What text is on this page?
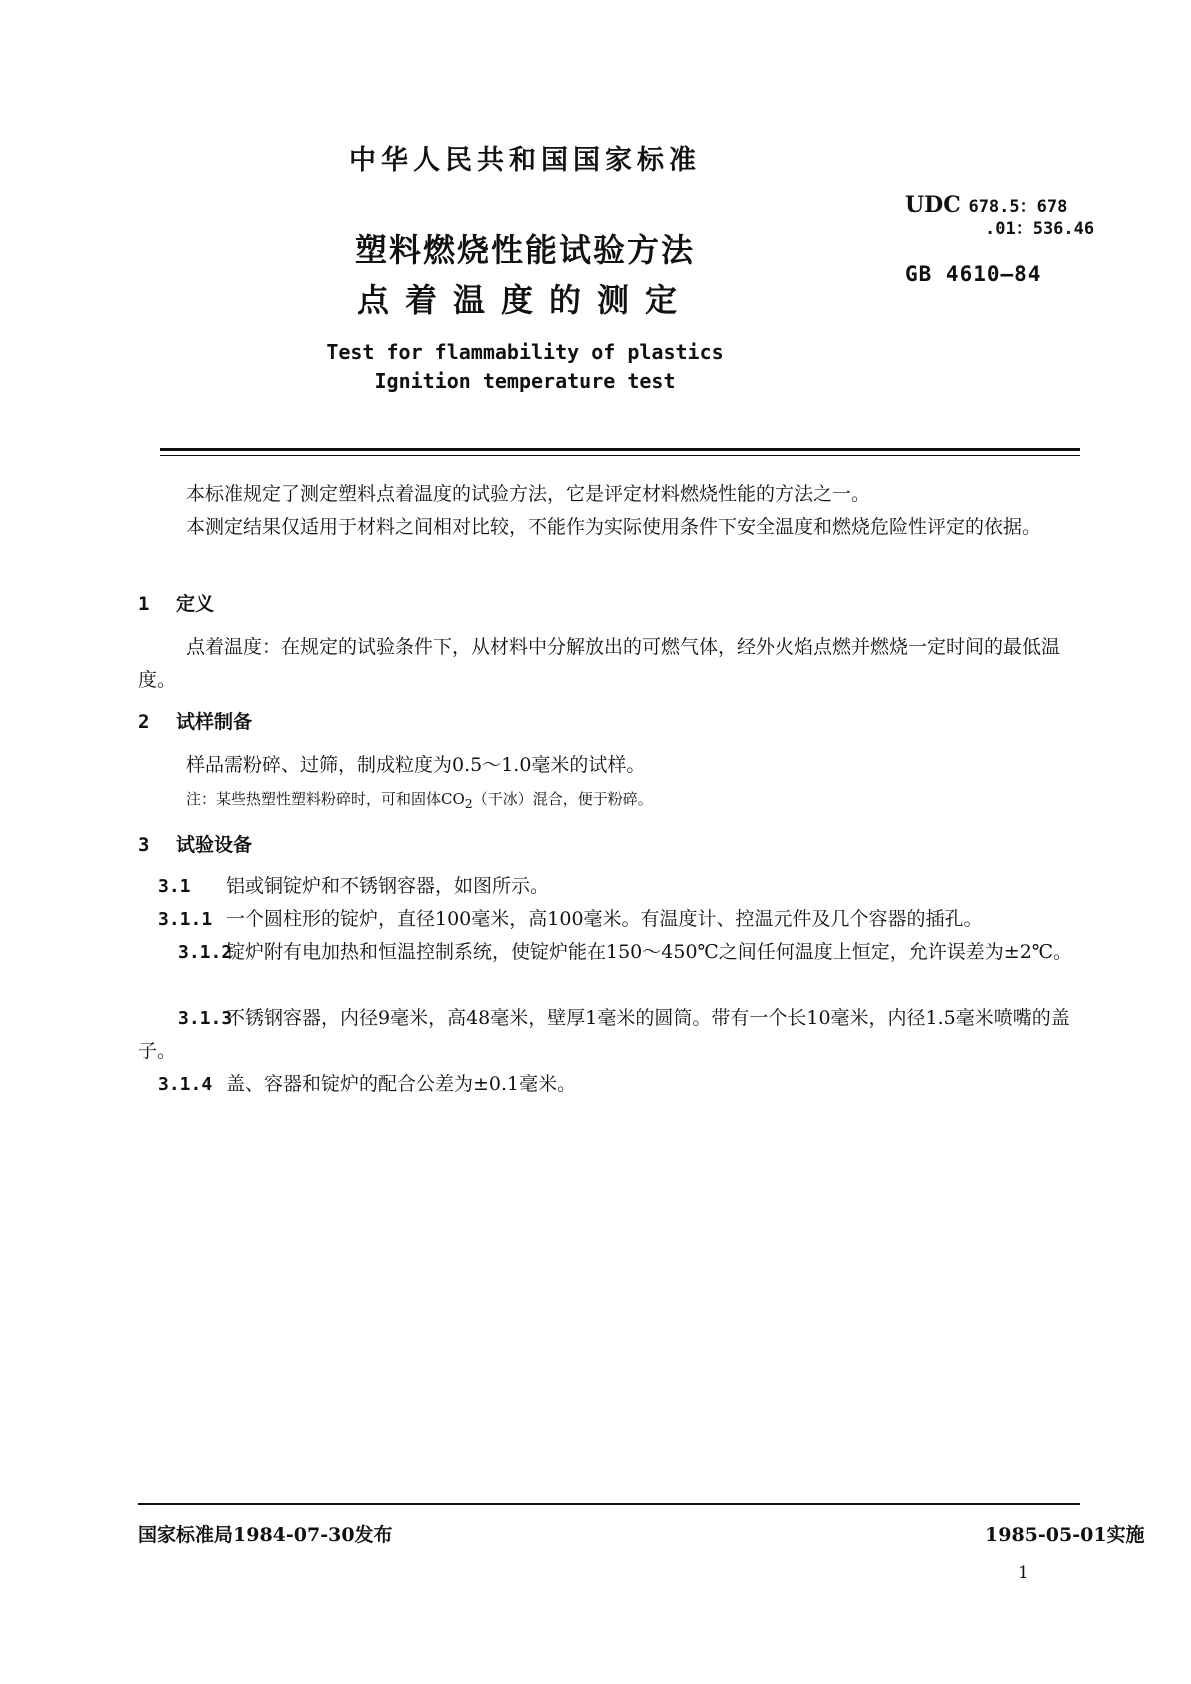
中华人民共和国国家标准
UDC 678.5：678
.01：536.46
GB 4610—84
塑料燃烧性能试验方法
点着温度的测定
Test for flammability of plastics
Ignition temperature test
本标准规定了测定塑料点着温度的试验方法，它是评定材料燃烧性能的方法之一。
本测定结果仅适用于材料之间相对比较，不能作为实际使用条件下安全温度和燃烧危险性评定的依据。
1 定义
点着温度：在规定的试验条件下，从材料中分解放出的可燃气体，经外火焰点燃并燃烧一定时间的最低温度。
2 试样制备
样品需粉碎、过筛，制成粒度为0.5～1.0毫米的试样。
注：某些热塑性塑料粉碎时，可和固体$CO_2$（干冰）混合，便于粉碎。
3 试验设备
3.1 铝或铜锭炉和不锈钢容器，如图所示。
3.1.1 一个圆柱形的锭炉，直径100毫米，高100毫米。有温度计、控温元件及几个容器的插孔。
3.1.2锭炉附有电加热和恒温控制系统，使锭炉能在150～450℃之间任何温度上恒定，允许误差为±2℃。
3.1.3不锈钢容器，内径9毫米，高48毫米，壁厚1毫米的圆筒。带有一个长10毫米，内径1.5毫米喷嘴的盖子。
3.1.4 盖、容器和锭炉的配合公差为±0.1毫米。
国家标准局1984-07-30发布	1985-05-01实施
1
